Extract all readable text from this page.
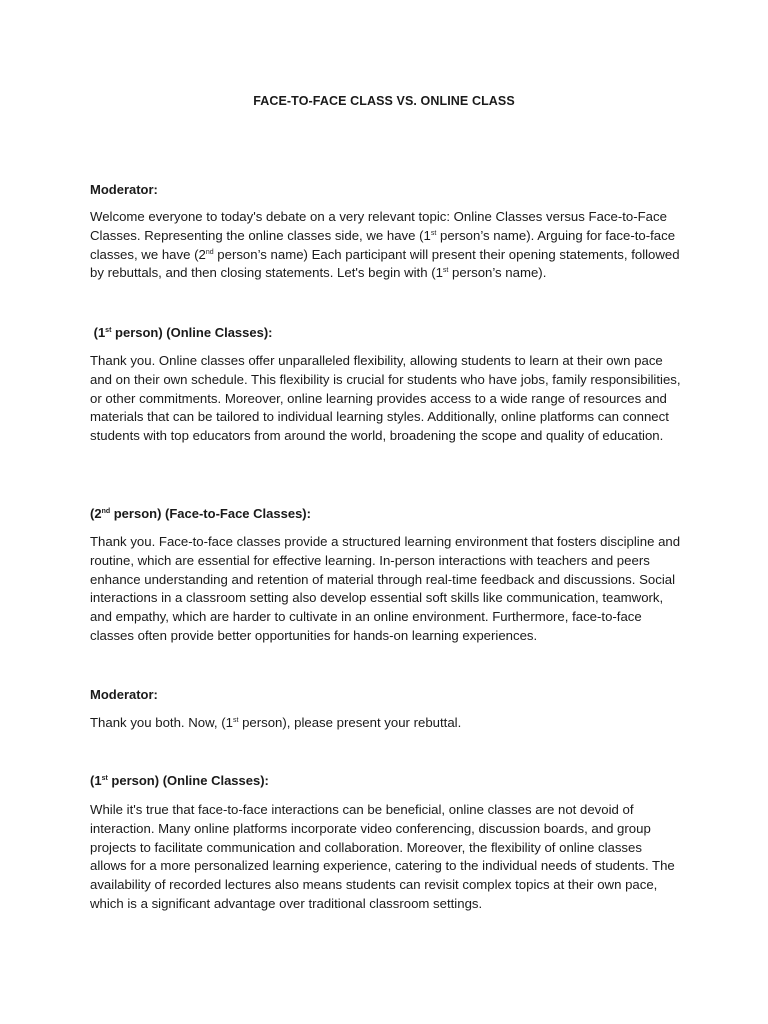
FACE-TO-FACE CLASS VS. ONLINE CLASS
Moderator:
Welcome everyone to today's debate on a very relevant topic: Online Classes versus Face-to-Face Classes. Representing the online classes side, we have (1st person’s name). Arguing for face-to-face classes, we have (2nd person’s name) Each participant will present their opening statements, followed by rebuttals, and then closing statements. Let's begin with (1st person’s name).
(1st person) (Online Classes):
Thank you. Online classes offer unparalleled flexibility, allowing students to learn at their own pace and on their own schedule. This flexibility is crucial for students who have jobs, family responsibilities, or other commitments. Moreover, online learning provides access to a wide range of resources and materials that can be tailored to individual learning styles. Additionally, online platforms can connect students with top educators from around the world, broadening the scope and quality of education.
(2nd person) (Face-to-Face Classes):
Thank you. Face-to-face classes provide a structured learning environment that fosters discipline and routine, which are essential for effective learning. In-person interactions with teachers and peers enhance understanding and retention of material through real-time feedback and discussions. Social interactions in a classroom setting also develop essential soft skills like communication, teamwork, and empathy, which are harder to cultivate in an online environment. Furthermore, face-to-face classes often provide better opportunities for hands-on learning experiences.
Moderator:
Thank you both. Now, (1st person), please present your rebuttal.
(1st person) (Online Classes):
While it's true that face-to-face interactions can be beneficial, online classes are not devoid of interaction. Many online platforms incorporate video conferencing, discussion boards, and group projects to facilitate communication and collaboration. Moreover, the flexibility of online classes allows for a more personalized learning experience, catering to the individual needs of students. The availability of recorded lectures also means students can revisit complex topics at their own pace, which is a significant advantage over traditional classroom settings.
